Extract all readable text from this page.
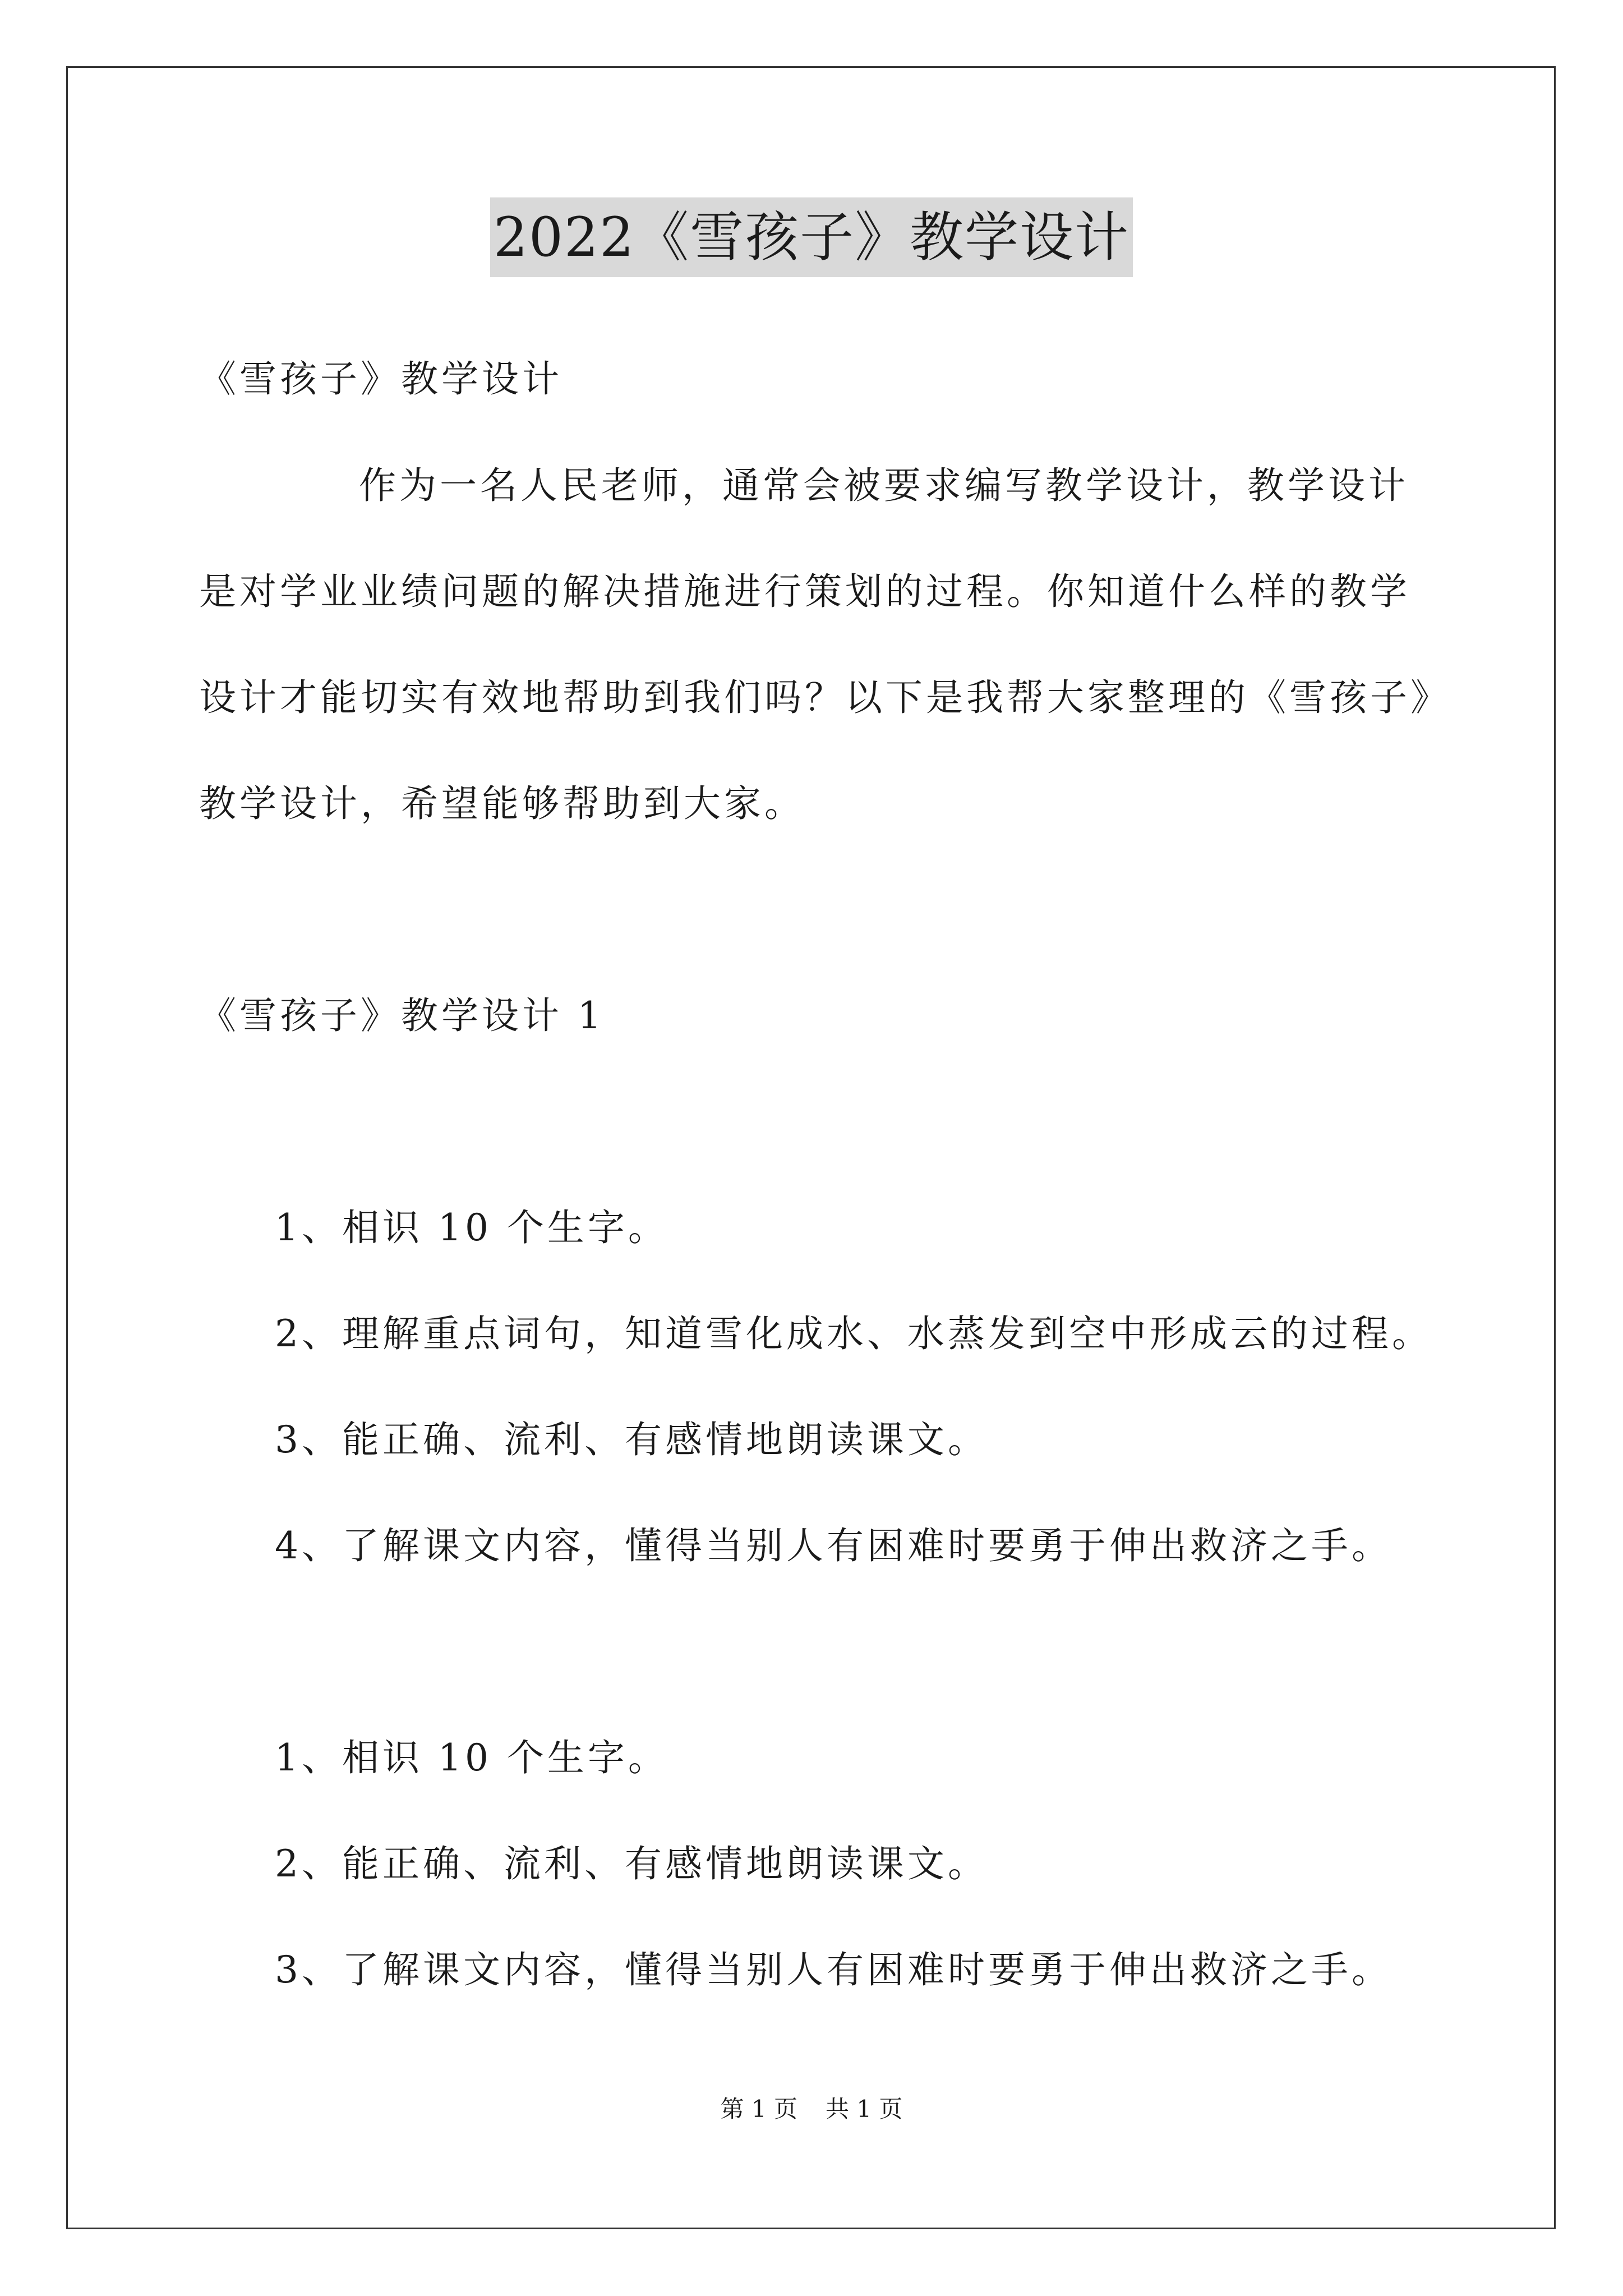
2022《雪孩子》教学设计
《雪孩子》教学设计
作为一名人民老师，通常会被要求编写教学设计，教学设计
是对学业业绩问题的解决措施进行策划的过程。你知道什么样的教学
设计才能切实有效地帮助到我们吗？以下是我帮大家整理的《雪孩子》
教学设计，希望能够帮助到大家。
《雪孩子》教学设计 1
1、相识 10 个生字。
2、理解重点词句，知道雪化成水、水蒸发到空中形成云的过程。
3、能正确、流利、有感情地朗读课文。
4、了解课文内容，懂得当别人有困难时要勇于伸出救济之手。
1、相识 10 个生字。
2、能正确、流利、有感情地朗读课文。
3、了解课文内容，懂得当别人有困难时要勇于伸出救济之手。
第 1 页 共 1 页
